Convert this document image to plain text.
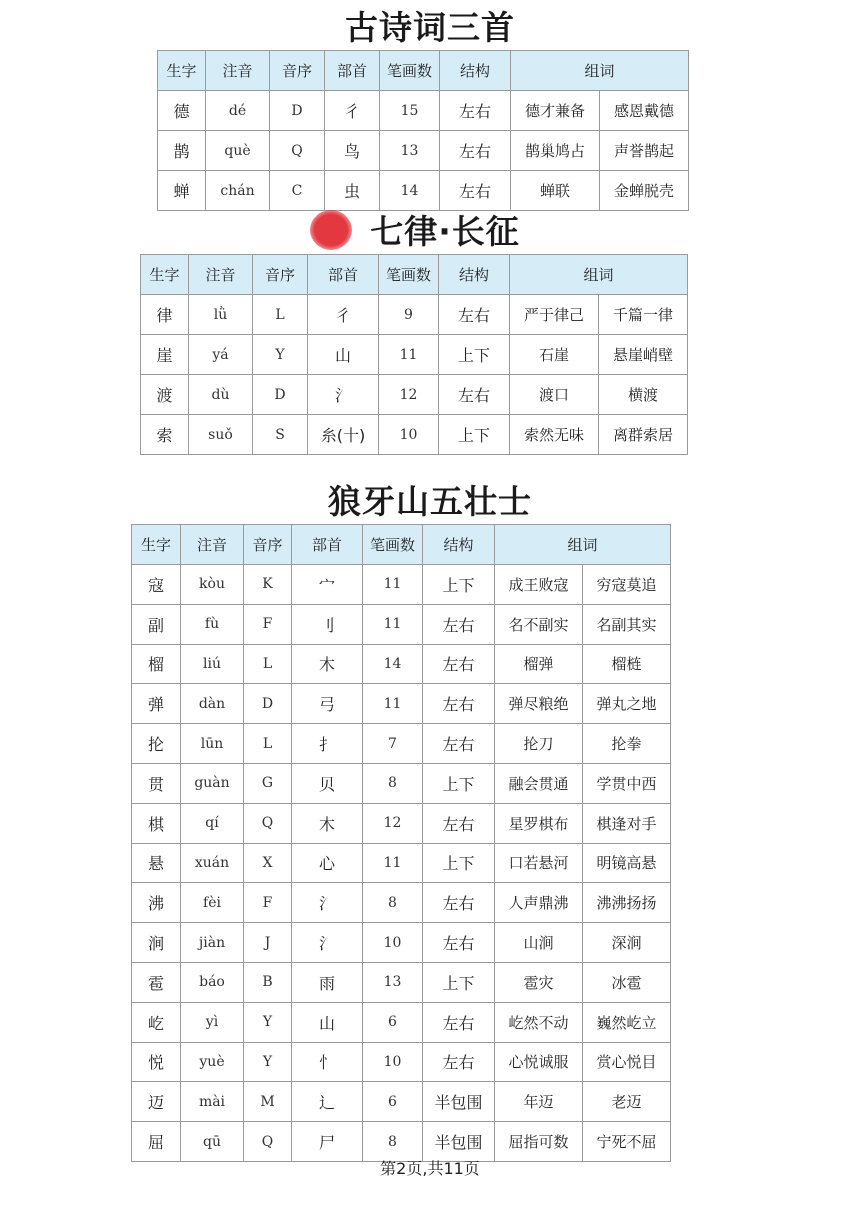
古诗词三首
生字	注音	音序	部首	笔画数	结构	组词	
德	dé	D	彳	15	左右	德才兼备	感恩戴德
鹊	què	Q	鸟	13	左右	鹊巢鸠占	声誉鹊起
蝉	chán	C	虫	14	左右	蝉联	金蝉脱壳
七律·长征
生字	注音	音序	部首	笔画数	结构	组词	
律	lǜ	L	彳	9	左右	严于律己	千篇一律
崖	yá	Y	山	11	上下	石崖	悬崖峭壁
渡	dù	D	氵	12	左右	渡口	横渡
索	suǒ	S	糸(十)	10	上下	索然无味	离群索居
狼牙山五壮士
生字	注音	音序	部首	笔画数	结构	组词	
寇	kòu	K	宀	11	上下	成王败寇	穷寇莫追
副	fù	F	刂	11	左右	名不副实	名副其实
榴	liú	L	木	14	左右	榴弹	榴梿
弹	dàn	D	弓	11	左右	弹尽粮绝	弹丸之地
抡	lūn	L	扌	7	左右	抡刀	抡拳
贯	guàn	G	贝	8	上下	融会贯通	学贯中西
棋	qí	Q	木	12	左右	星罗棋布	棋逢对手
悬	xuán	X	心	11	上下	口若悬河	明镜高悬
沸	fèi	F	氵	8	左右	人声鼎沸	沸沸扬扬
涧	jiàn	J	氵	10	左右	山涧	深涧
雹	báo	B	雨	13	上下	雹灾	冰雹
屹	yì	Y	山	6	左右	屹然不动	巍然屹立
悦	yuè	Y	忄	10	左右	心悦诚服	赏心悦目
迈	mài	M	辶	6	半包围	年迈	老迈
屈	qū	Q	尸	8	半包围	屈指可数	宁死不屈
第2页,共11页
